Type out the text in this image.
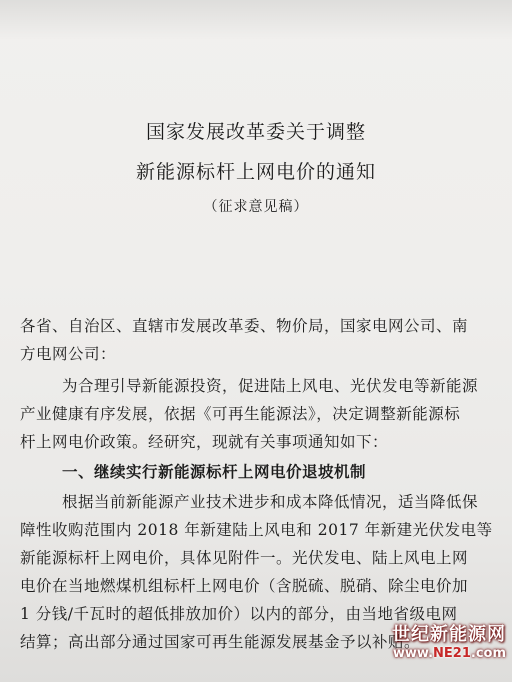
国家发展改革委关于调整
新能源标杆上网电价的通知
（征求意见稿）
各省、自治区、直辖市发展改革委、物价局，国家电网公司、南
方电网公司：
为合理引导新能源投资，促进陆上风电、光伏发电等新能源
产业健康有序发展，依据《可再生能源法》，决定调整新能源标
杆上网电价政策。经研究，现就有关事项通知如下：
一、继续实行新能源标杆上网电价退坡机制
根据当前新能源产业技术进步和成本降低情况，适当降低保
障性收购范围内 2018 年新建陆上风电和 2017 年新建光伏发电等
新能源标杆上网电价，具体见附件一。光伏发电、陆上风电上网
电价在当地燃煤机组标杆上网电价（含脱硫、脱硝、除尘电价加
1 分钱/千瓦时的超低排放加价）以内的部分，由当地省级电网
结算；高出部分通过国家可再生能源发展基金予以补贴。
世纪新能源网
www.NE21.com
